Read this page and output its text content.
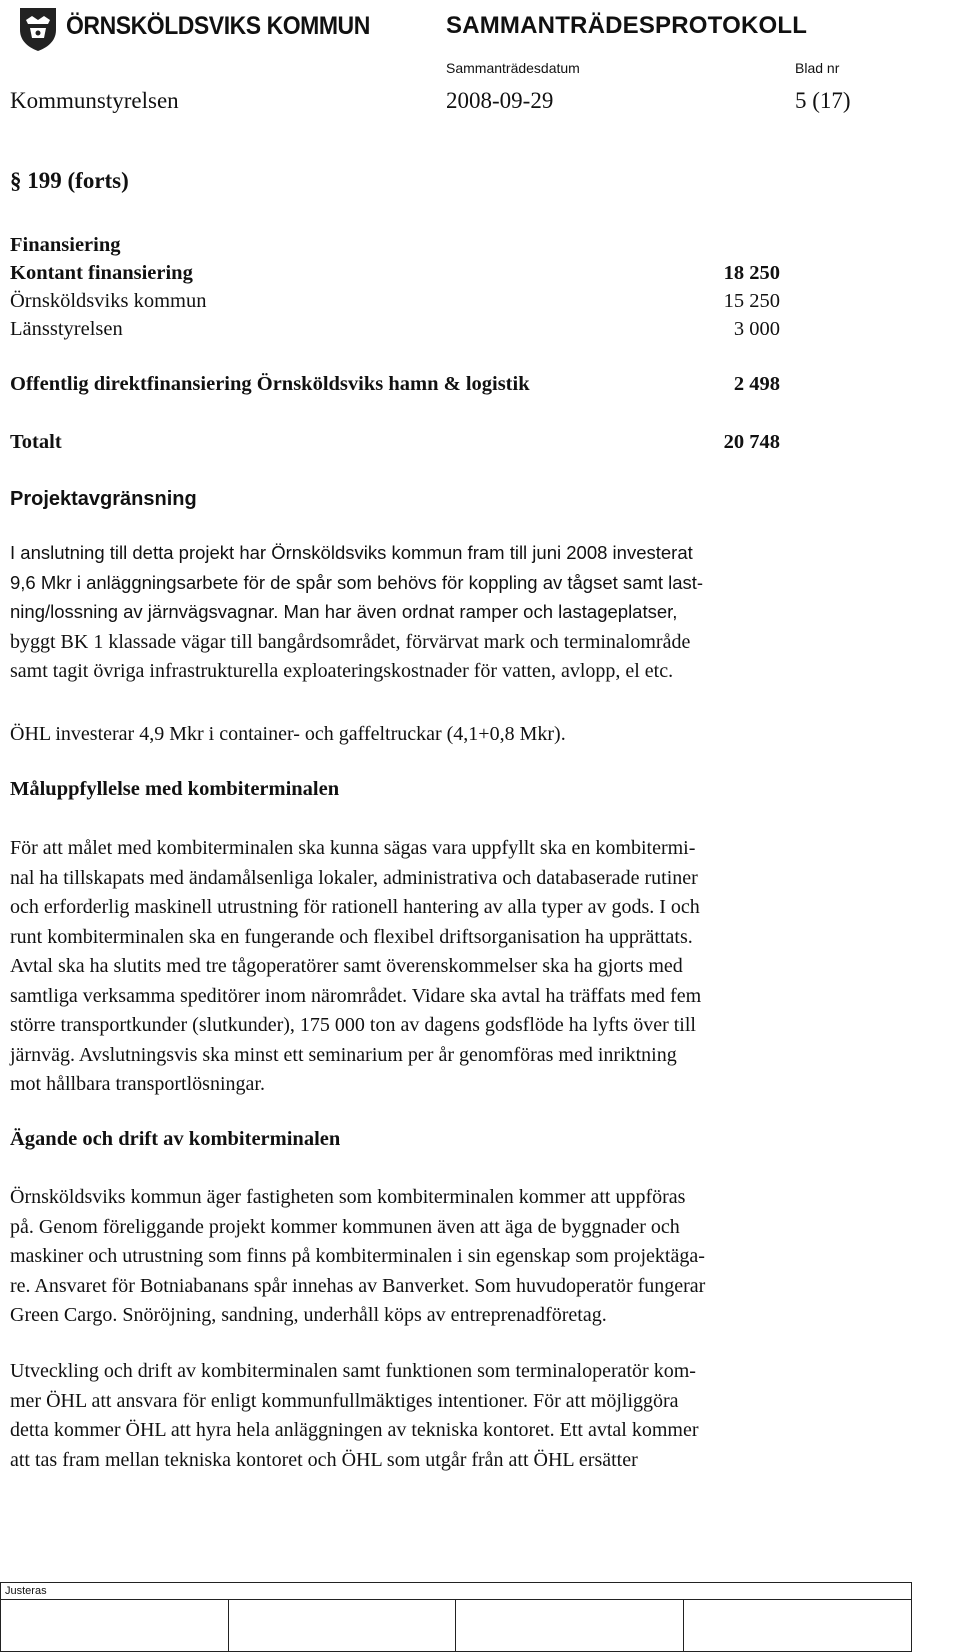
ÖRNSKÖLDSVIKS KOMMUN	SAMMANTRÄDESPROTOKOLL
Sammanträdesdatum	Blad nr
Kommunstyrelsen	2008-09-29	5 (17)
§ 199 (forts)
Finansiering
Kontant finansiering	18 250
Örnsköldsviks kommun	15 250
Länsstyrelsen	3 000
Offentlig direktfinansiering Örnsköldsviks hamn & logistik	2 498
Totalt	20 748
Projektavgränsning

I anslutning till detta projekt har Örnsköldsviks kommun fram till juni 2008 investerat

9,6 Mkr i anläggningsarbete för de spår som behövs för koppling av tågset samt last-

ning/lossning av järnvägsvagnar. Man har även ordnat ramper och lastageplatser,

byggt BK 1 klassade vägar till bangårdsområdet, förvärvat mark och terminalområde

samt tagit övriga infrastrukturella exploateringskostnader för vatten, avlopp, el etc.

ÖHL investerar 4,9 Mkr i container- och gaffeltruckar (4,1+0,8 Mkr).

Måluppfyllelse med kombiterminalen

För att målet med kombiterminalen ska kunna sägas vara uppfyllt ska en kombitermi-

nal ha tillskapats med ändamålsenliga lokaler, administrativa och databaserade rutiner

och erforderlig maskinell utrustning för rationell hantering av alla typer av gods. I och

runt kombiterminalen ska en fungerande och flexibel driftsorganisation ha upprättats.

Avtal ska ha slutits med tre tågoperatörer samt överenskommelser ska ha gjorts med

samtliga verksamma speditörer inom närområdet. Vidare ska avtal ha träffats med fem

större transportkunder (slutkunder), 175 000 ton av dagens godsflöde ha lyfts över till

järnväg. Avslutningsvis ska minst ett seminarium per år genomföras med inriktning

mot hållbara transportlösningar.

Ägande och drift av kombiterminalen

Örnsköldsviks kommun äger fastigheten som kombiterminalen kommer att uppföras

på. Genom föreliggande projekt kommer kommunen även att äga de byggnader och

maskiner och utrustning som finns på kombiterminalen i sin egenskap som projektäga-

re. Ansvaret för Botniabanans spår innehas av Banverket. Som huvudoperatör fungerar

Green Cargo. Snöröjning, sandning, underhåll köps av entreprenadföretag.

Utveckling och drift av kombiterminalen samt funktionen som terminaloperatör kom-

mer ÖHL att ansvara för enligt kommunfullmäktiges intentioner. För att möjliggöra

detta kommer ÖHL att hyra hela anläggningen av tekniska kontoret. Ett avtal kommer

att tas fram mellan tekniska kontoret och ÖHL som utgår från att ÖHL ersätter

Justeras
